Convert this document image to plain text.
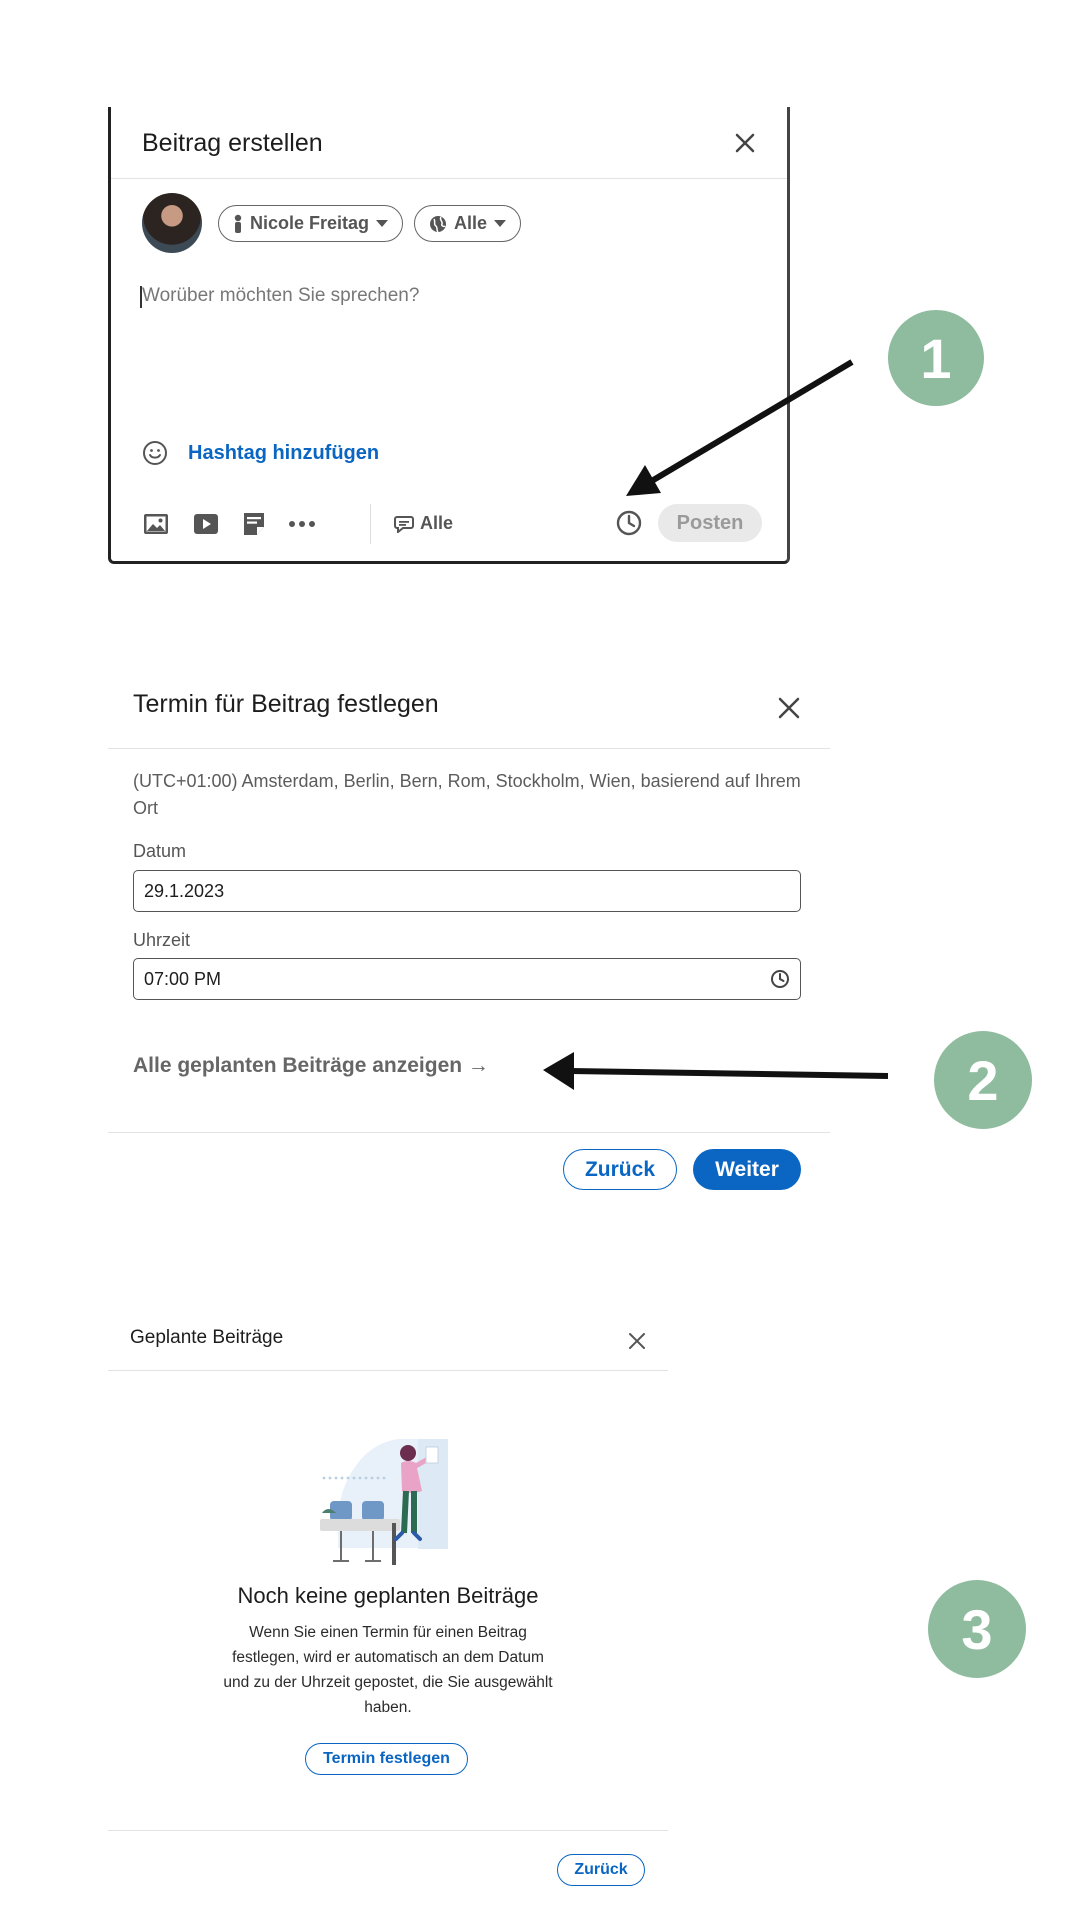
Beitrag erstellen
Nicole Freitag	Alle
Worüber möchten Sie sprechen?
Hashtag hinzufügen
Alle	Posten
1
Termin für Beitrag festlegen
(UTC+01:00) Amsterdam, Berlin, Bern, Rom, Stockholm, Wien, basierend auf Ihrem Ort
Datum
29.1.2023
Uhrzeit
07:00 PM
Alle geplanten Beiträge anzeigen →
Zurück	Weiter
2
Geplante Beiträge
Noch keine geplanten Beiträge
Wenn Sie einen Termin für einen Beitrag festlegen, wird er automatisch an dem Datum und zu der Uhrzeit gepostet, die Sie ausgewählt haben.
Termin festlegen
Zurück
3
